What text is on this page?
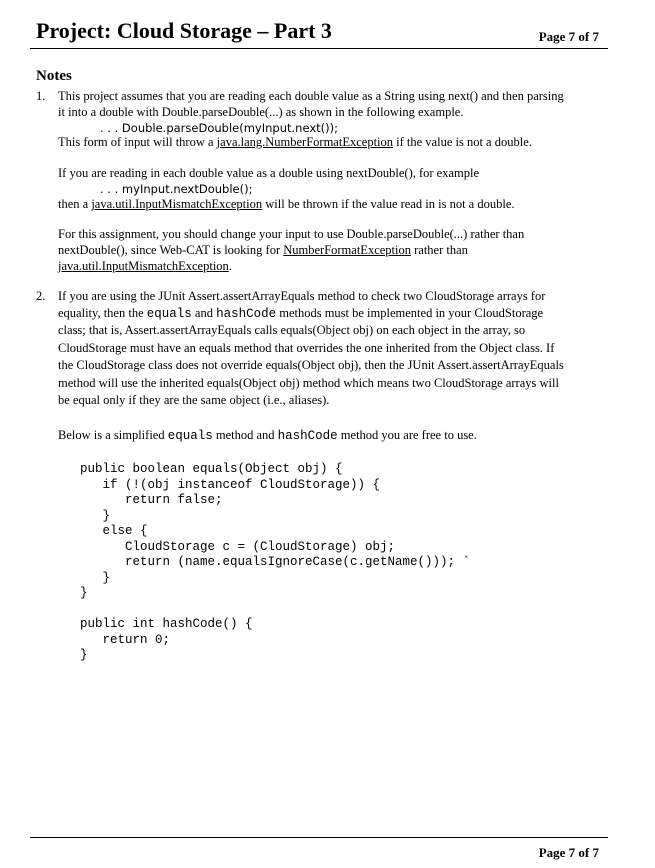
Project: Cloud Storage – Part 3	Page 7 of 7
Notes
1. This project assumes that you are reading each double value as a String using next() and then parsing
it into a double with Double.parseDouble(...) as shown in the following example.
. . . Double.parseDouble(myInput.next());
This form of input will throw a java.lang.NumberFormatException if the value is not a double.
If you are reading in each double value as a double using nextDouble(), for example
. . . myInput.nextDouble();
then a java.util.InputMismatchException will be thrown if the value read in is not a double.
For this assignment, you should change your input to use Double.parseDouble(...) rather than
nextDouble(), since Web-CAT is looking for NumberFormatException rather than
java.util.InputMismatchException.
2. If you are using the JUnit Assert.assertArrayEquals method to check two CloudStorage arrays for
equality, then the equals and hashCode methods must be implemented in your CloudStorage
class; that is, Assert.assertArrayEquals calls equals(Object obj) on each object in the array, so
CloudStorage must have an equals method that overrides the one inherited from the Object class. If
the CloudStorage class does not override equals(Object obj), then the JUnit Assert.assertArrayEquals
method will use the inherited equals(Object obj) method which means two CloudStorage arrays will
be equal only if they are the same object (i.e., aliases).
Below is a simplified equals method and hashCode method you are free to use.
public boolean equals(Object obj) {
if (!(obj instanceof CloudStorage)) {
return false;
}
else {
CloudStorage c = (CloudStorage) obj;
return (name.equalsIgnoreCase(c.getName())); `
}
}

public int hashCode() {
return 0;
}
Page 7 of 7
